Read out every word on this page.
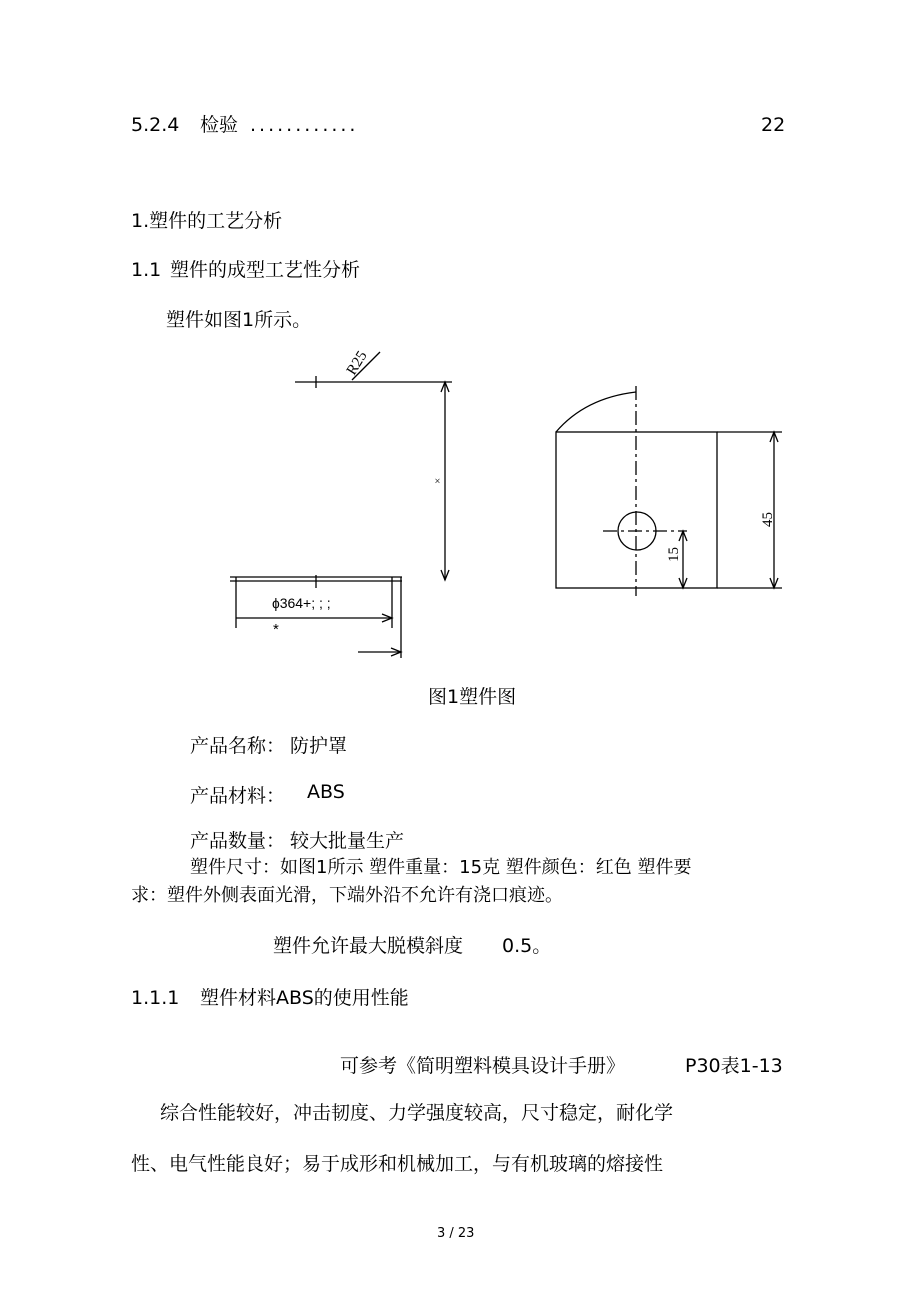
5.2.4 检验 ............	22
1.塑件的工艺分析
1.1 塑件的成型工艺性分析
塑件如图1所示。
R25
×
ɸ364+; ; ;
*
45
15
图1塑件图
产品名称： 防护罩
产品材料： ABS
产品数量： 较大批量生产
塑件尺寸：如图1所示 塑件重量：15克 塑件颜色：红色 塑件要
求：塑件外侧表面光滑，下端外沿不允许有浇口痕迹。
塑件允许最大脱模斜度 0.5。
1.1.1 塑件材料ABS的使用性能
可参考《简明塑料模具设计手册》	P30表1-13
综合性能较好，冲击韧度、力学强度较高，尺寸稳定，耐化学
性、电气性能良好；易于成形和机械加工，与有机玻璃的熔接性
3 / 23
